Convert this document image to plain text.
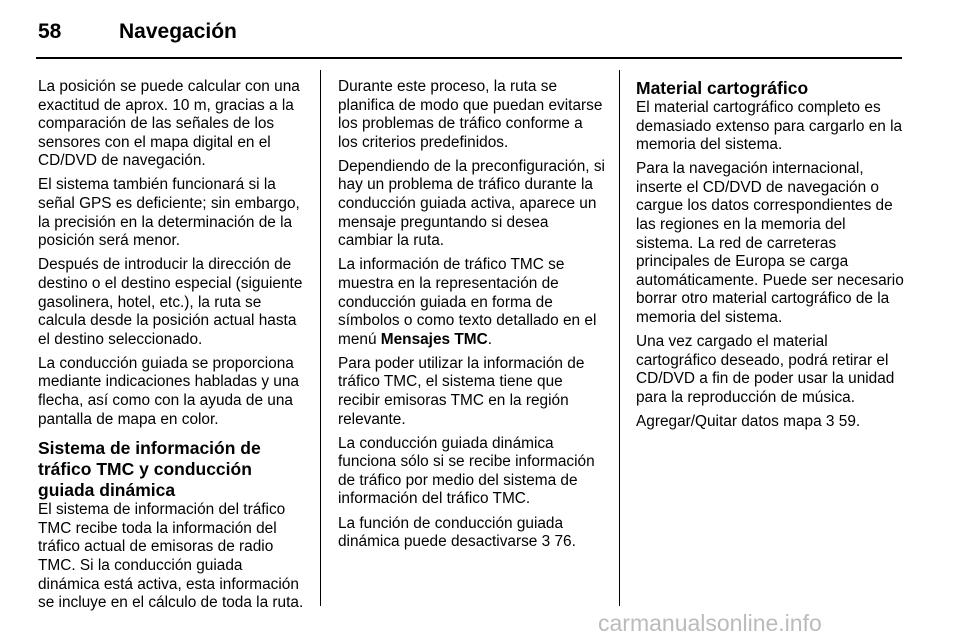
58	Navegación

La posición se puede calcular con una exactitud de aprox. 10 m, gracias a la comparación de las señales de los sensores con el mapa digital en el CD/DVD de navegación.

El sistema también funcionará si la señal GPS es deficiente; sin embargo, la precisión en la determinación de la posición será menor.

Después de introducir la dirección de destino o el destino especial (siguiente gasolinera, hotel, etc.), la ruta se calcula desde la posición actual hasta el destino seleccionado.

La conducción guiada se proporciona mediante indicaciones habladas y una flecha, así como con la ayuda de una pantalla de mapa en color.

Sistema de información de tráfico TMC y conducción guiada dinámica

El sistema de información del tráfico TMC recibe toda la información del tráfico actual de emisoras de radio TMC. Si la conducción guiada dinámica está activa, esta información se incluye en el cálculo de toda la ruta.

Durante este proceso, la ruta se planifica de modo que puedan evitarse los problemas de tráfico conforme a los criterios predefinidos.

Dependiendo de la preconfiguración, si hay un problema de tráfico durante la conducción guiada activa, aparece un mensaje preguntando si desea cambiar la ruta.

La información de tráfico TMC se muestra en la representación de conducción guiada en forma de símbolos o como texto detallado en el menú Mensajes TMC.

Para poder utilizar la información de tráfico TMC, el sistema tiene que recibir emisoras TMC en la región relevante.

La conducción guiada dinámica funciona sólo si se recibe información de tráfico por medio del sistema de información del tráfico TMC.

La función de conducción guiada dinámica puede desactivarse 3 76.

Material cartográfico

El material cartográfico completo es demasiado extenso para cargarlo en la memoria del sistema.

Para la navegación internacional, inserte el CD/DVD de navegación o cargue los datos correspondientes de las regiones en la memoria del sistema. La red de carreteras principales de Europa se carga automáticamente. Puede ser necesario borrar otro material cartográfico de la memoria del sistema.

Una vez cargado el material cartográfico deseado, podrá retirar el CD/DVD a fin de poder usar la unidad para la reproducción de música.

Agregar/Quitar datos mapa 3 59.

carmanualsonline.info
